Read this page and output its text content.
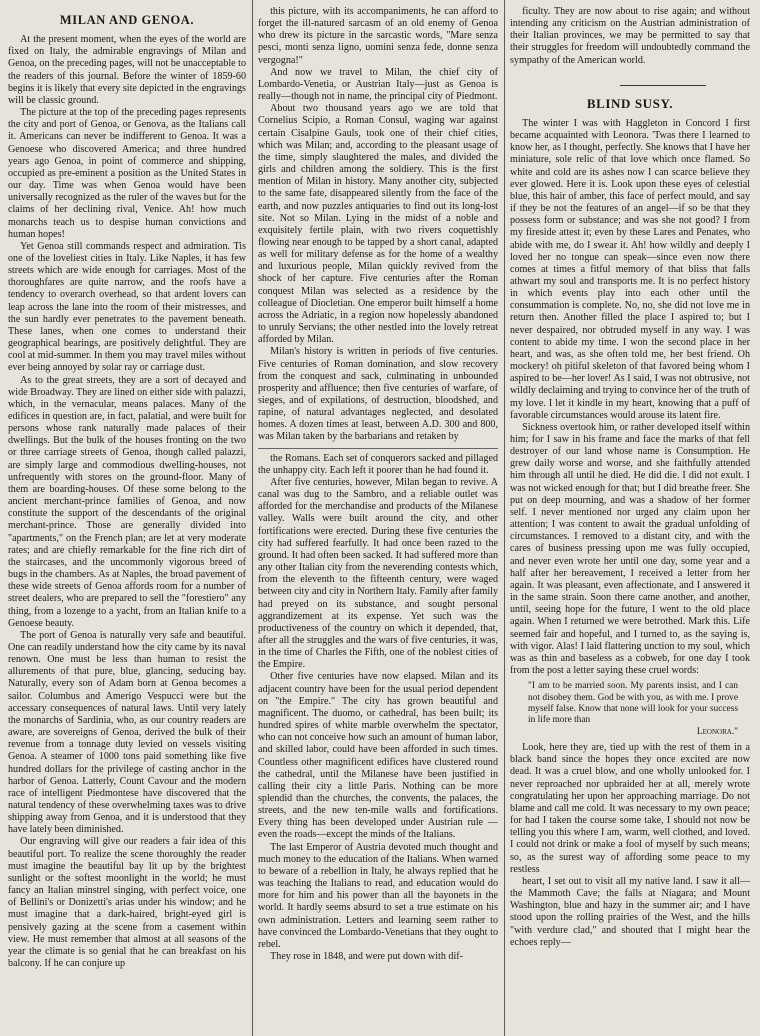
MILAN AND GENOA.

At the present moment, when the eyes of the world are fixed on Italy, the admirable engravings of Milan and Genoa, on the preceding pages, will not be unacceptable to the readers of this journal. Before the winter of 1859-60 begins it is likely that every site depicted in the engravings will be classic ground.

The picture at the top of the preceding pages represents the city and port of Genoa, or Genova, as the Italians call it. Americans can never be indifferent to Genoa. It was a Genoese who discovered America; and three hundred years ago Genoa, in point of commerce and shipping, occupied as pre-eminent a position as the United States in our day. Time was when Genoa would have been universally recognized as the ruler of the waves but for the claims of her declining rival, Venice. Ah! how much monarchs teach us to despise human convictions and human hopes!

Yet Genoa still commands respect and admiration. Tis one of the loveliest cities in Italy. Like Naples, it has few streets which are wide enough for carriages. Most of the thoroughfares are quite narrow, and the roofs have a tendency to overarch overhead, so that ardent lovers can leap across the lane into the room of their mistresses, and the sun hardly ever penetrates to the pavement beneath. These lanes, when one comes to understand their geographical bearings, are positively delightful. They are cool at mid-summer. In them you may travel miles without ever being annoyed by solar ray or carriage dust.

As to the great streets, they are a sort of decayed and wide Broadway. They are lined on either side with palazzi, which, in the vernacular, means palaces. Many of the edifices in question are, in fact, palatial, and were built for persons whose rank naturally made palaces of their dwellings. But the bulk of the houses fronting on the two or three carriage streets of Genoa, though called palazzi, are simply large and commodious dwelling-houses, not unfrequently with stores on the ground-floor. Many of them are boarding-houses. Of these some belong to the ancient merchant-prince families of Genoa, and now constitute the support of the descendants of the original merchant-prince. Those are generally divided into "apartments," on the French plan; are let at very moderate rates; and are chiefly remarkable for the fine rich dirt of the staircases, and the uncommonly vigorous breed of bugs in the chambers. As at Naples, the broad pavement of these wide streets of Genoa affords room for a number of street dealers, who are prepared to sell the "forestiero" any thing, from a lozenge to a yacht, from an Italian knife to a Genoese beauty.

The port of Genoa is naturally very safe and beautiful. One can readily understand how the city came by its naval renown. One must be less than human to resist the allurements of that pure, blue, glancing, seducing bay. Naturally, every son of Adam born at Genoa becomes a sailor. Columbus and Amerigo Vespucci were but the accessary consequences of natural laws. Until very lately the monarchs of Sardinia, who, as our country readers are aware, are sovereigns of Genoa, derived the bulk of their revenue from a tonnage duty levied on vessels visiting Genoa. A steamer of 1000 tons paid something like five hundred dollars for the privilege of casting anchor in the harbor of Genoa. Latterly, Count Cavour and the modern race of intelligent Piedmontese have discovered that the natural tendency of these overwhelming taxes was to drive shipping away from Genoa, and it is understood that they have lately been diminished.

Our engraving will give our readers a fair idea of this beautiful port. To realize the scene thoroughly the reader must imagine the beautiful bay lit up by the brightest sunlight or the softest moonlight in the world; he must fancy an Italian minstrel singing, with perfect voice, one of Bellini's or Donizetti's arias under his window; and he must imagine that a dark-haired, bright-eyed girl is pensively gazing at the scene from a casement within view. He must remember that almost at all seasons of the year the climate is so genial that he can breakfast on his balcony. If he can conjure up

this picture, with its accompaniments, he can afford to forget the ill-natured sarcasm of an old enemy of Genoa who drew its picture in the sarcastic words, "Mare senza pesci, monti senza ligno, uomini senza fede, donne senza vergogna!"

And now we travel to Milan, the chief city of Lombardo-Venetia, or Austrian Italy—just as Genoa is really—though not in name, the principal city of Piedmont.

About two thousand years ago we are told that Cornelius Scipio, a Roman Consul, waging war against certain Cisalpine Gauls, took one of their chief cities, which was Milan; and, according to the pleasant usage of the time, simply slaughtered the males, and divided the girls and children among the soldiery. This is the first mention of Milan in history. Many another city, subjected to the same fate, disappeared silently from the face of the earth, and now puzzles antiquaries to find out its long-lost site. Not so Milan. Lying in the midst of a noble and exquisitely fertile plain, with two rivers coquettishly flowing near enough to be tapped by a short canal, adapted as well for military defense as for the home of a wealthy and luxurious people, Milan quickly revived from the shock of her capture. Five centuries after the Roman conquest Milan was selected as a residence by the colleague of Diocletian. One emperor built himself a home across the Adriatic, in a region now hopelessly abandoned to unruly Servians; the other nestled into the lovely retreat afforded by Milan.

Milan's history is written in periods of five centuries. Five centuries of Roman domination, and slow recovery from the conquest and sack, culminating in unbounded prosperity and affluence; then five centuries of warfare, of sieges, and of expilations, of destruction, bloodshed, and rapine, of natural advantages neglected, and desolated homes. A dozen times at least, between A.D. 300 and 800, was Milan taken by the barbarians and retaken by

the Romans. Each set of conquerors sacked and pillaged the unhappy city. Each left it poorer than he had found it.

After five centuries, however, Milan began to revive. A canal was dug to the Sambro, and a reliable outlet was afforded for the merchandise and products of the Milanese valley. Walls were built around the city, and other fortifications were erected. During these five centuries the city had suffered fearfully. It had once been razed to the ground. It had often been sacked. It had suffered more than any other Italian city from the neverending contests which, from the eleventh to the fifteenth century, were waged between city and city in Northern Italy. Family after family had preyed on its substance, and sought personal aggrandizement at its expense. Yet such was the productiveness of the country on which it depended, that, after all the struggles and the wars of five centuries, it was, in the time of Charles the Fifth, one of the noblest cities of the Empire.

Other five centuries have now elapsed. Milan and its adjacent country have been for the usual period dependent on "the Empire." The city has grown beautiful and magnificent. The duomo, or cathedral, has been built; its hundred spires of white marble overwhelm the spectator, who can not conceive how such an amount of human labor, and skilled labor, could have been afforded in such times. Countless other magnificent edifices have clustered round the cathedral, until the Milanese have been justified in calling their city a little Paris. Nothing can be more splendid than the churches, the convents, the palaces, the streets, and the new ten-mile walls and fortifications. Every thing has been developed under Austrian rule —even the roads—except the minds of the Italians.

The last Emperor of Austria devoted much thought and much money to the education of the Italians. When warned to beware of a rebellion in Italy, he always replied that he was teaching the Italians to read, and education would do more for him and his power than all the bayonets in the world. It hardly seems absurd to set a true estimate on his own administration. Letters and learning seem rather to have convinced the Lombardo-Venetians that they ought to rebel.

They rose in 1848, and were put down with dif-

ficulty. They are now about to rise again; and without intending any criticism on the Austrian administration of their Italian provinces, we may be permitted to say that their struggles for freedom will undoubtedly command the sympathy of the American world.

BLIND SUSY.

The winter I was with Haggleton in Concord I first became acquainted with Leonora. 'Twas there I learned to know her, as I thought, perfectly. She knows that I have her miniature, sole relic of that love which once flamed. So white and cold are its ashes now I can scarce believe they ever glowed. Here it is. Look upon these eyes of celestial blue, this hair of amber, this face of perfect mould, and say if they be not the features of an angel—if so be that they possess form or substance; and was she not good? I from my fireside attest it; even by these Lares and Penates, who abide with me, do I swear it. Ah! how wildly and deeply I loved her no tongue can speak—since even now there comes at times a fitful memory of that bliss that falls athwart my soul and transports me. It is no perfect history in which events play into each other until the consummation is complete. No, no, she did not love me in return then. Another filled the place I aspired to; but I never despaired, nor obtruded myself in any way. I was content to abide my time. I won the second place in her heart, and was, as she often told me, her best friend. Oh mockery! oh pitiful skeleton of that favored being whom I aspired to be—her lover! As I said, I was not obtrusive, not wildly declaiming and trying to convince her of the truth of my love. I let it kindle in my heart, knowing that a puff of favorable circumstances would arouse its latent fire.

Sickness overtook him, or rather developed itself within him; for I saw in his frame and face the marks of that fell destroyer of our land whose name is Consumption. He grew daily worse and worse, and she faithfully attended him through all until he died. He did die. I did not exult. I was not wicked enough for that; but I did breathe freer. She put on deep mourning, and was a shadow of her former self. I never mentioned nor urged any claim upon her attention; I was content to await the gradual unfolding of circumstances. I removed to a distant city, and with the cares of business pressing upon me was fully occupied, and never even wrote her until one day, some year and a half after her bereavement, I received a letter from her again. It was pleasant, even affectionate, and I answered it in the same strain. Soon there came another, and another, until, seeing hope for the future, I went to the old place again. When I returned we were betrothed. Mark this. Life seemed fair and hopeful, and I turned to, as the saying is, with vigor. Alas! I laid flattering unction to my soul, which was as thin and baseless as a cobweb, for one day I took from the post a letter saying these cruel words:

"I am to be married soon. My parents insist, and I can not disobey them. God be with you, as with me. I prove myself false. Know that none will look for your success in life more than
Leonora."

Look, here they are, tied up with the rest of them in a black band since the hopes they once excited are now dead. It was a cruel blow, and one wholly unlooked for. I never reproached nor upbraided her at all, merely wrote congratulating her upon her approaching marriage. Do not blame and call me cold. It was necessary to my own peace; for had I taken the course some take, I should not now be telling you this where I am, warm, well clothed, and loved. I could not drink or make a fool of myself by such means; so, as the surest way of affording some peace to my restless

heart, I set out to visit all my native land. I saw it all—the Mammoth Cave; the falls at Niagara; and Mount Washington, blue and hazy in the summer air; and I have stood upon the rolling prairies of the West, and the hills "with verdure clad," and shouted that I might hear the echoes reply—
